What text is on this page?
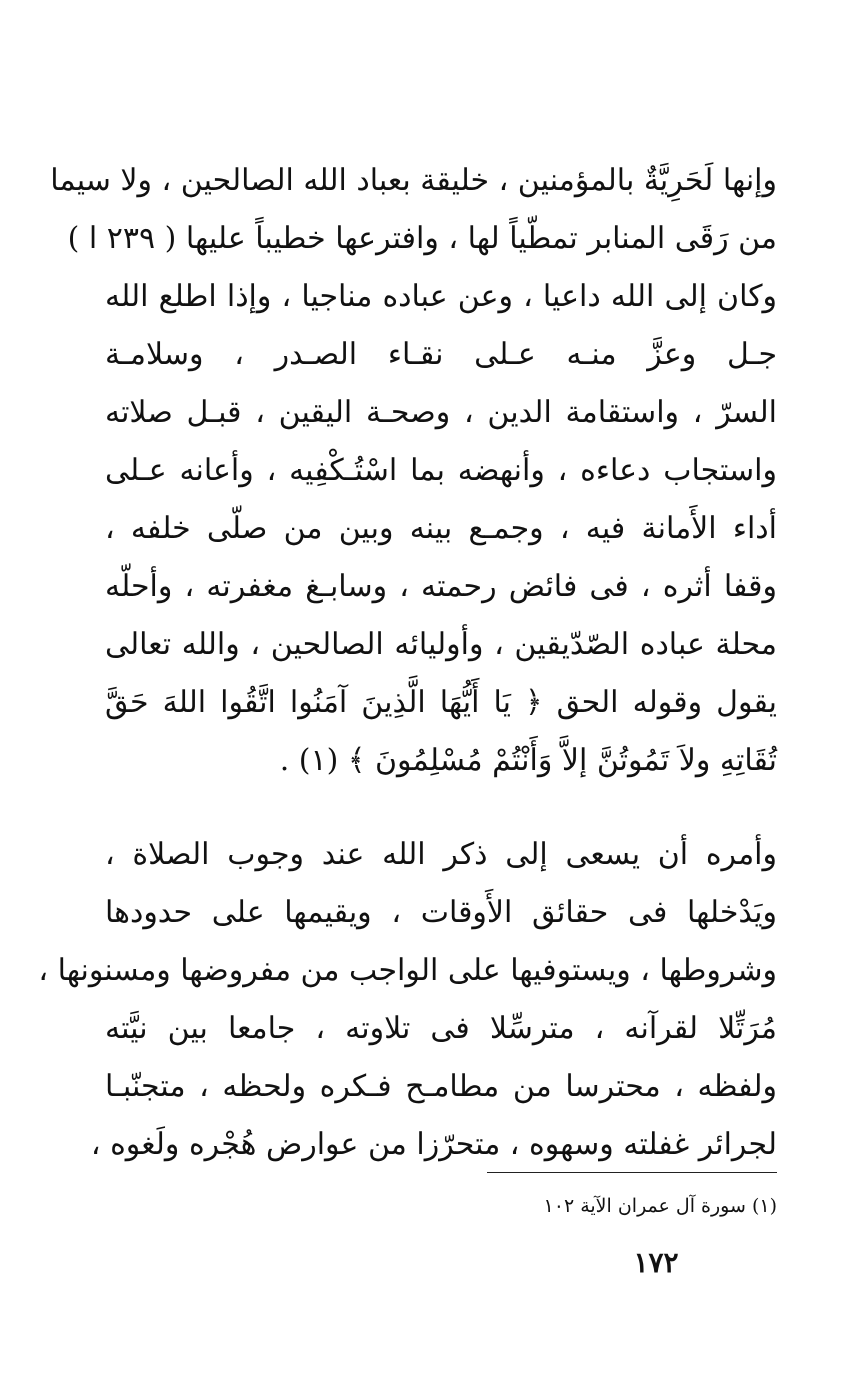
وإنها لَحَرِيَّةٌ بالمؤمنين ، خليقة بعباد الله الصالحين ، ولا سيما
من رَقَى المنابر تمطّياً لها ، وافترعها خطيباً عليها ( ٢٣٩ ا )
وكان إلى الله داعيا ، وعن عباده مناجيا ، وإذا اطلع الله
جـل وعزَّ منـه عـلى نقـاء الصـدر ، وسلامـة
السرّ ، واستقامة الدين ، وصحـة اليقين ، قبـل صلاته
واستجاب دعاءه ، وأنهضه بما اسْتُـكْفِيه ، وأعانه عـلى
أداء الأَمانة فيه ، وجمـع بينه وبين من صلّى خلفه ،
وقفا أثره ، فى فائض رحمته ، وسابـغ مغفرته ، وأحلّه
محلة عباده الصّدّيقين ، وأوليائه الصالحين ، والله تعالى
يقول وقوله الحق ﴿ يَا أَيُّهَا الَّذِينَ آمَنُوا اتَّقُوا اللهَ حَقَّ
تُقَاتِهِ ولاَ تَمُوتُنَّ إلاَّ وَأَنْتُمْ مُسْلِمُونَ ﴾ (١) .
وأمره أن يسعى إلى ذكر الله عند وجوب الصلاة ،
ويَدْخلها فى حقائق الأَوقات ، ويقيمها على حدودها
وشروطها ، ويستوفيها على الواجب من مفروضها ومسنونها ،
مُرَتِّلا لقرآنه ، مترسِّلا فى تلاوته ، جامعا بين نيَّته
ولفظه ، محترسا من مطامـح فـكره ولحظه ، متجنّبـا
لجرائر غفلته وسهوه ، متحرّزا من عوارض هُجْره ولَغوه ،
(١) سورة آل عمران الآية ١٠٢
١٧٢
